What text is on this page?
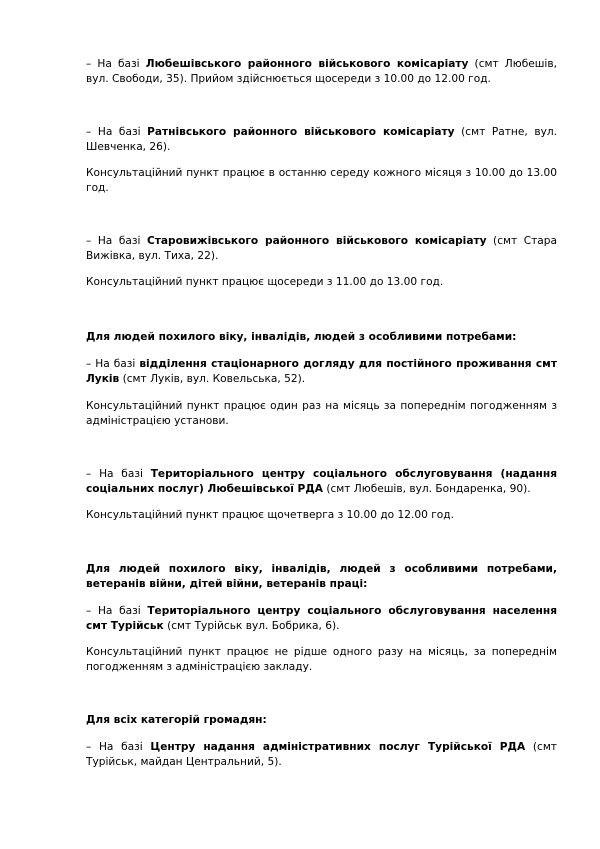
– На базі Любешівського районного військового комісаріату (смт Любешів, вул. Свободи, 35). Прийом здійснюється щосереди з 10.00 до 12.00 год.

– На базі Ратнівського районного військового комісаріату (смт Ратне, вул. Шевченка, 26).

Консультаційний пункт працює в останню середу кожного місяця з 10.00 до 13.00 год.

– На базі Старовижівського районного військового комісаріату (смт Стара Вижівка, вул. Тиха, 22).

Консультаційний пункт працює щосереди з 11.00 до 13.00 год.

Для людей похилого віку, інвалідів, людей з особливими потребами:

– На базі відділення стаціонарного догляду для постійного проживання смт Луків (смт Луків, вул. Ковельська, 52).

Консультаційний пункт працює один раз на місяць за попереднім погодженням з адміністрацією установи.

– На базі Територіального центру соціального обслуговування (надання соціальних послуг) Любешівської РДА (смт Любешів, вул. Бондаренка, 90).

Консультаційний пункт працює щочетверга з 10.00 до 12.00 год.

Для людей похилого віку, інвалідів, людей з особливими потребами, ветеранів війни, дітей війни, ветеранів праці:

– На базі Територіального центру соціального обслуговування населення смт Турійськ (смт Турійськ вул. Бобрика, 6).

Консультаційний пункт працює не рідше одного разу на місяць, за попереднім погодженням з адміністрацією закладу.

Для всіх категорій громадян:

– На базі Центру надання адміністративних послуг Турійської РДА (смт Турійськ, майдан Центральний, 5).
